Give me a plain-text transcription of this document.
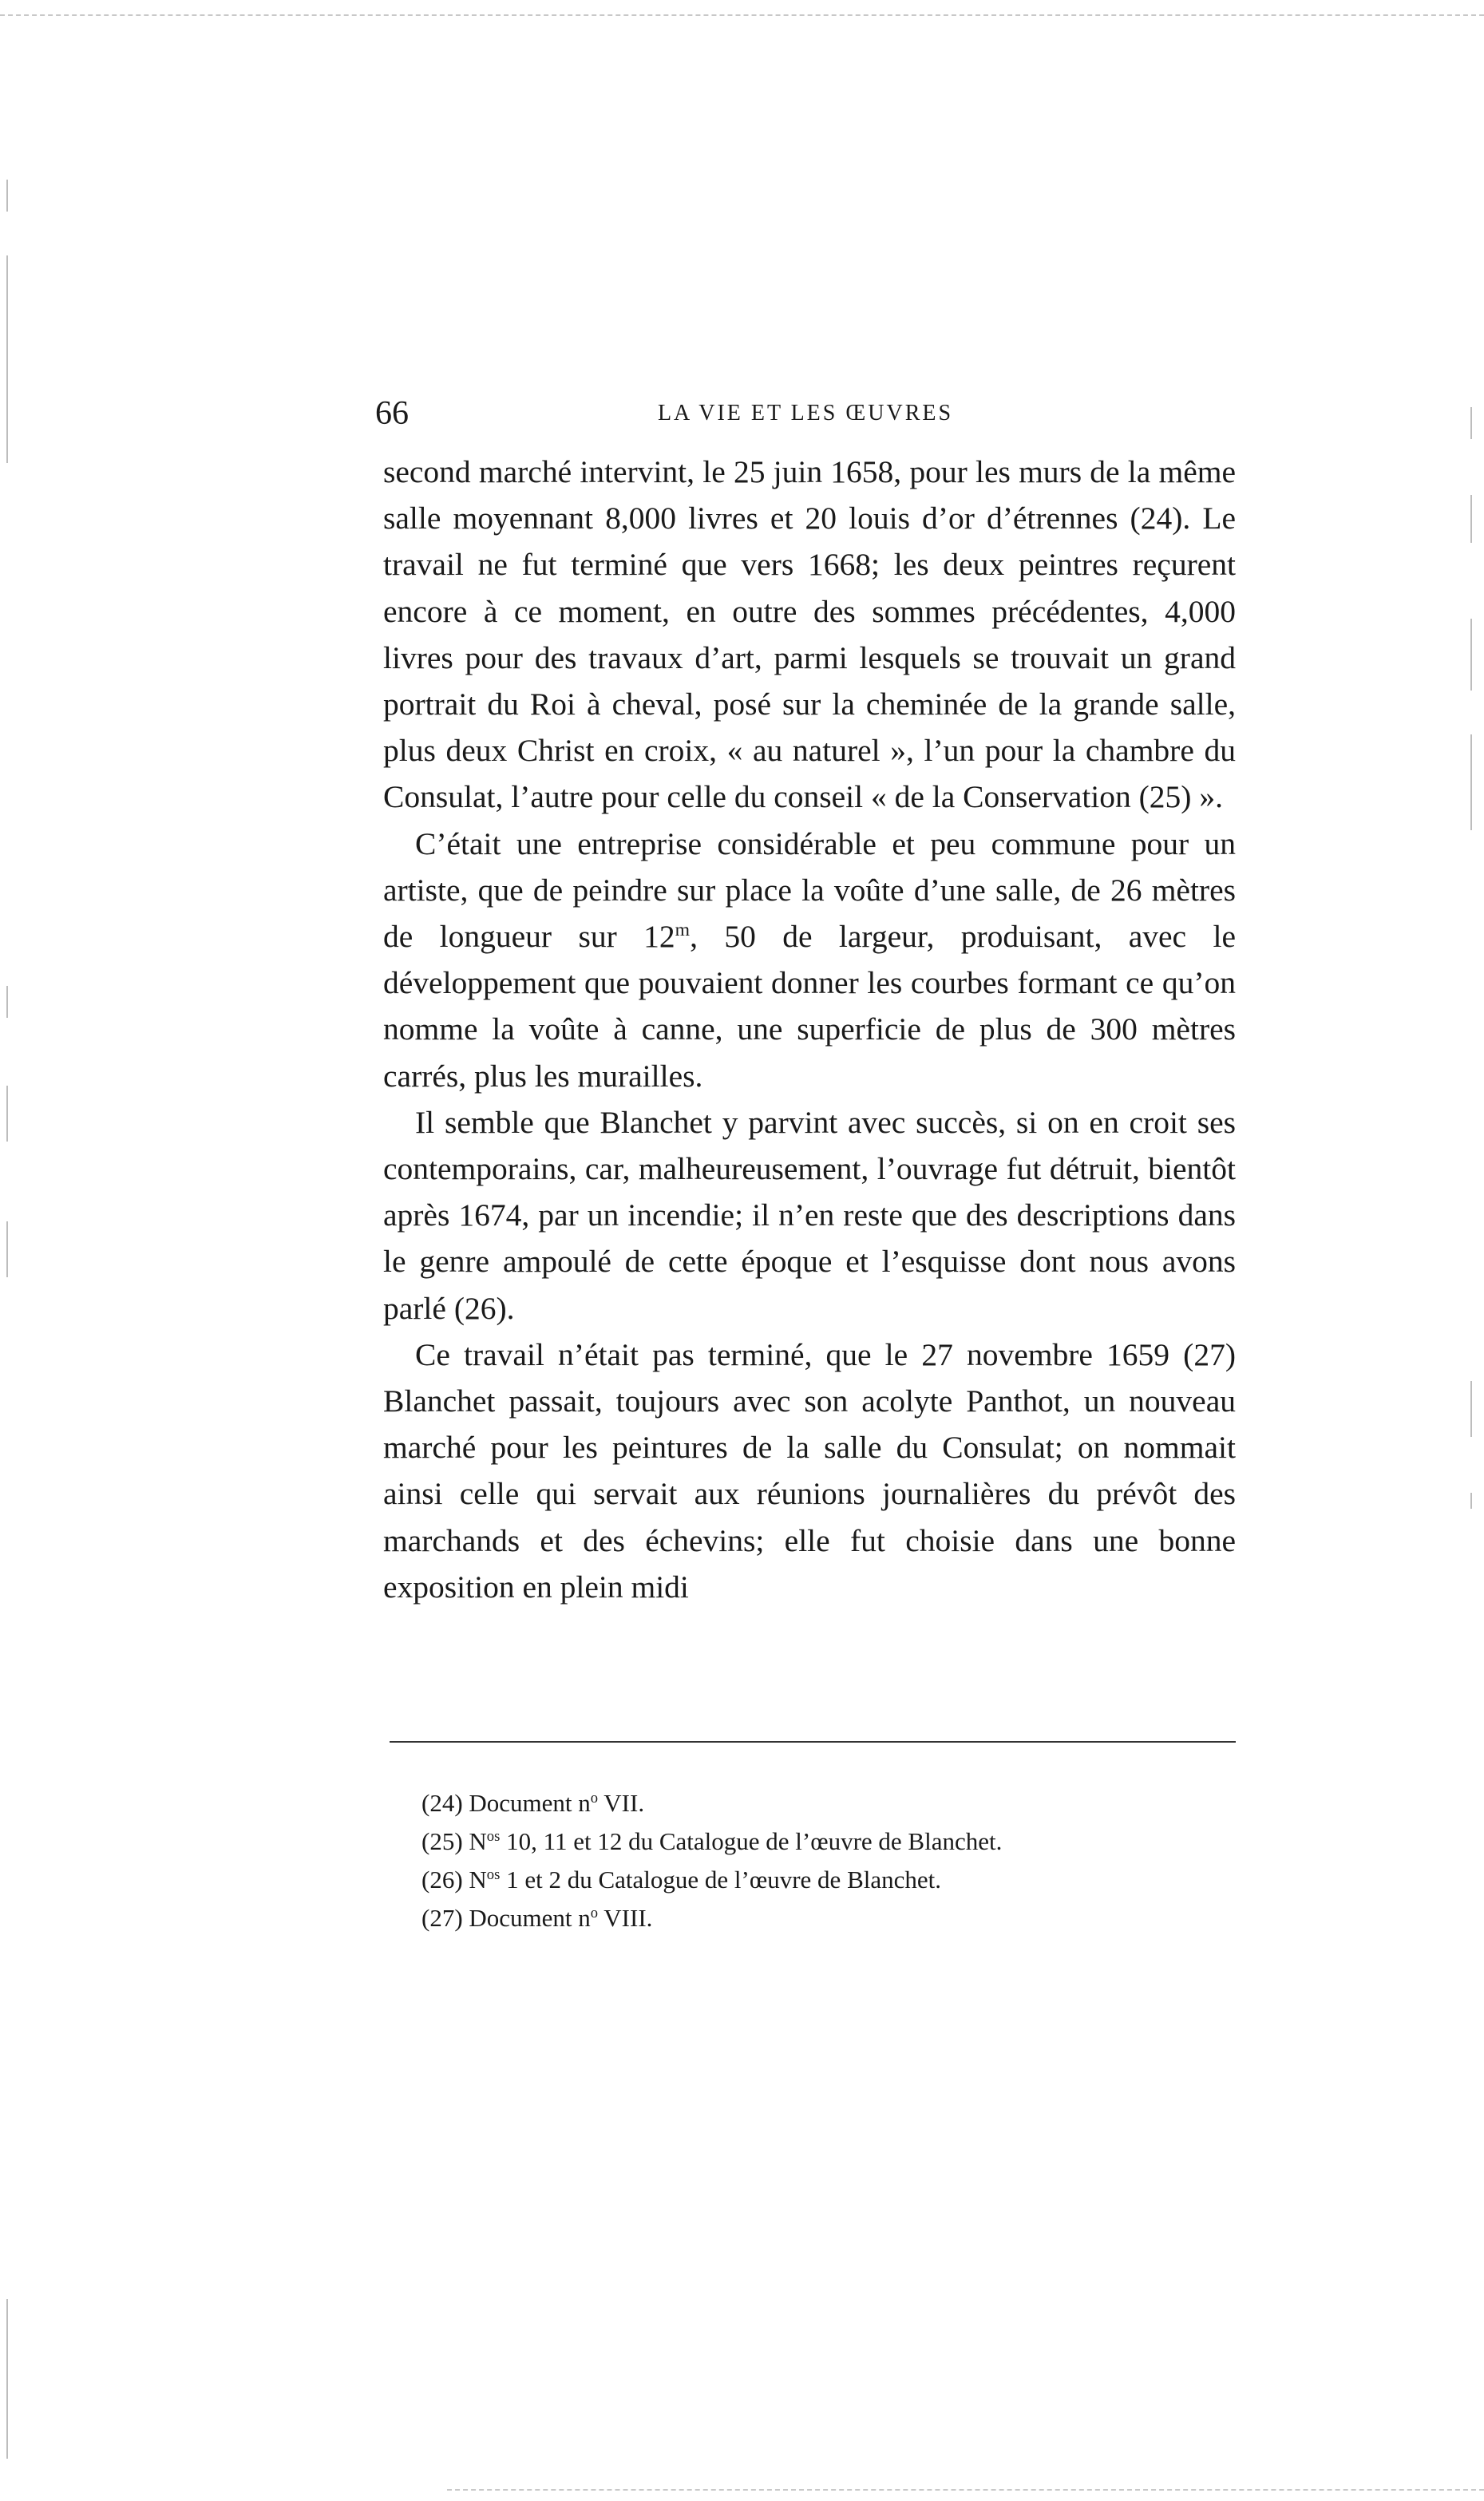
66	LA VIE ET LES ŒUVRES

second marché intervint, le 25 juin 1658, pour les murs de la même salle moyennant 8,000 livres et 20 louis d’or d’étrennes (24). Le travail ne fut terminé que vers 1668; les deux peintres reçurent encore à ce moment, en outre des sommes précédentes, 4,000 livres pour des travaux d’art, parmi lesquels se trouvait un grand portrait du Roi à cheval, posé sur la cheminée de la grande salle, plus deux Christ en croix, « au naturel », l’un pour la chambre du Consulat, l’autre pour celle du conseil « de la Conservation (25) ».

C’était une entreprise considérable et peu commune pour un artiste, que de peindre sur place la voûte d’une salle, de 26 mètres de longueur sur 12$^m$, 50 de largeur, produisant, avec le développement que pouvaient donner les courbes formant ce qu’on nomme la voûte à canne, une superficie de plus de 300 mètres carrés, plus les murailles.

Il semble que Blanchet y parvint avec succès, si on en croit ses contemporains, car, malheureusement, l’ouvrage fut détruit, bientôt après 1674, par un incendie; il n’en reste que des descriptions dans le genre ampoulé de cette époque et l’esquisse dont nous avons parlé (26).

Ce travail n’était pas terminé, que le 27 novembre 1659 (27) Blanchet passait, toujours avec son acolyte Panthot, un nouveau marché pour les peintures de la salle du Consulat; on nommait ainsi celle qui servait aux réunions journalières du prévôt des marchands et des échevins; elle fut choisie dans une bonne exposition en plein midi

(24) Document $n^o$ VII.
(25) $N^{os}$ 10, 11 et 12 du Catalogue de l’œuvre de Blanchet.
(26) $N^{os}$ 1 et 2 du Catalogue de l’œuvre de Blanchet.
(27) Document $n^o$ VIII.
